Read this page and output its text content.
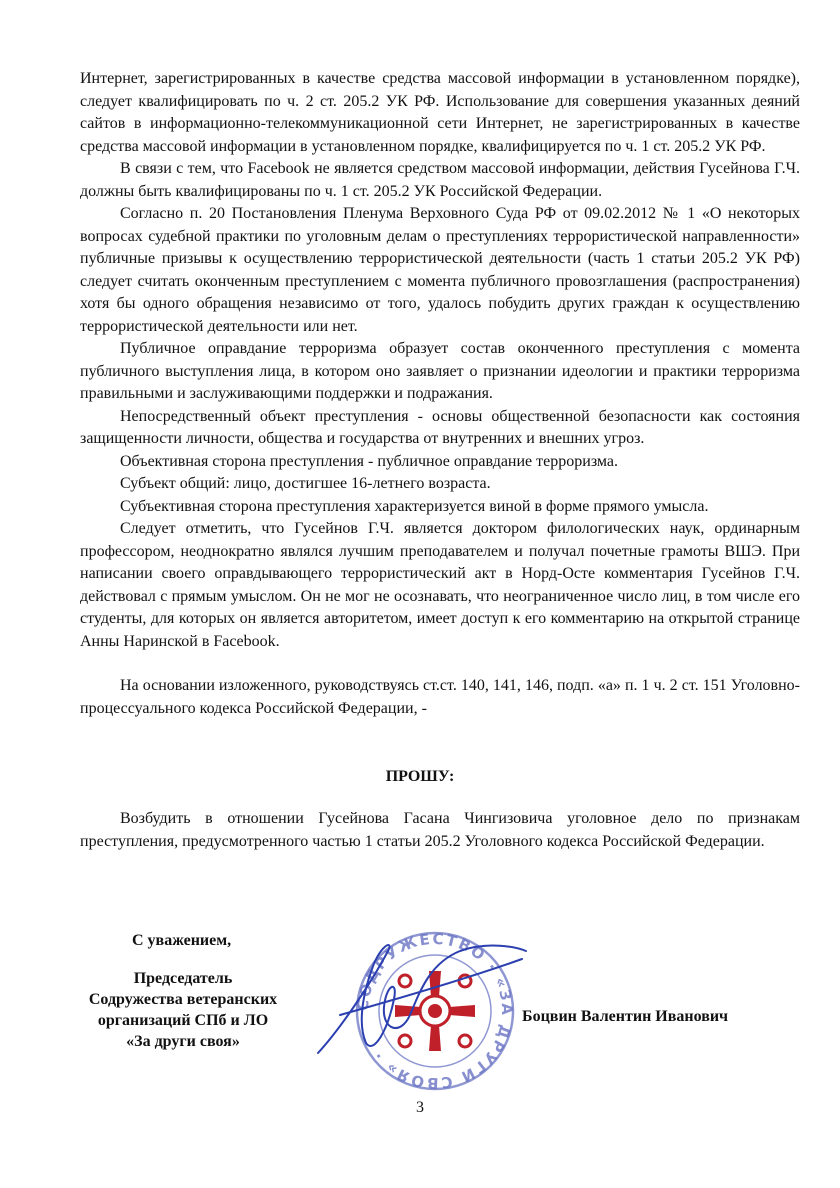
Интернет, зарегистрированных в качестве средства массовой информации в установленном порядке), следует квалифицировать по ч. 2 ст. 205.2 УК РФ. Использование для совершения указанных деяний сайтов в информационно-телекоммуникационной сети Интернет, не зарегистрированных в качестве средства массовой информации в установленном порядке, квалифицируется по ч. 1 ст. 205.2 УК РФ.

В связи с тем, что Facebook не является средством массовой информации, действия Гусейнова Г.Ч. должны быть квалифицированы по ч. 1 ст. 205.2 УК Российской Федерации.

Согласно п. 20 Постановления Пленума Верховного Суда РФ от 09.02.2012 № 1 «О некоторых вопросах судебной практики по уголовным делам о преступлениях террористической направленности» публичные призывы к осуществлению террористической деятельности (часть 1 статьи 205.2 УК РФ) следует считать оконченным преступлением с момента публичного провозглашения (распространения) хотя бы одного обращения независимо от того, удалось побудить других граждан к осуществлению террористической деятельности или нет.

Публичное оправдание терроризма образует состав оконченного преступления с момента публичного выступления лица, в котором оно заявляет о признании идеологии и практики терроризма правильными и заслуживающими поддержки и подражания.

Непосредственный объект преступления - основы общественной безопасности как состояния защищенности личности, общества и государства от внутренних и внешних угроз.

Объективная сторона преступления - публичное оправдание терроризма.

Субъект общий: лицо, достигшее 16-летнего возраста.

Субъективная сторона преступления характеризуется виной в форме прямого умысла.

Следует отметить, что Гусейнов Г.Ч. является доктором филологических наук, ординарным профессором, неоднократно являлся лучшим преподавателем и получал почетные грамоты ВШЭ. При написании своего оправдывающего террористический акт в Норд-Осте комментария Гусейнов Г.Ч. действовал с прямым умыслом. Он не мог не осознавать, что неограниченное число лиц, в том числе его студенты, для которых он является авторитетом, имеет доступ к его комментарию на открытой странице Анны Наринской в Facebook.

На основании изложенного, руководствуясь ст.ст. 140, 141, 146, подп. «а» п. 1 ч. 2 ст. 151 Уголовно-процессуального кодекса Российской Федерации, -

ПРОШУ:

Возбудить в отношении Гусейнова Гасана Чингизовича уголовное дело по признакам преступления, предусмотренного частью 1 статьи 205.2 Уголовного кодекса Российской Федерации.

С уважением,
Председатель
Содружества ветеранских
организаций СПб и ЛО
«За други своя»
СОДРУЖЕСТВО · «ЗА ДРУГИ СВОЯ» ·
Боцвин Валентин Иванович
3
